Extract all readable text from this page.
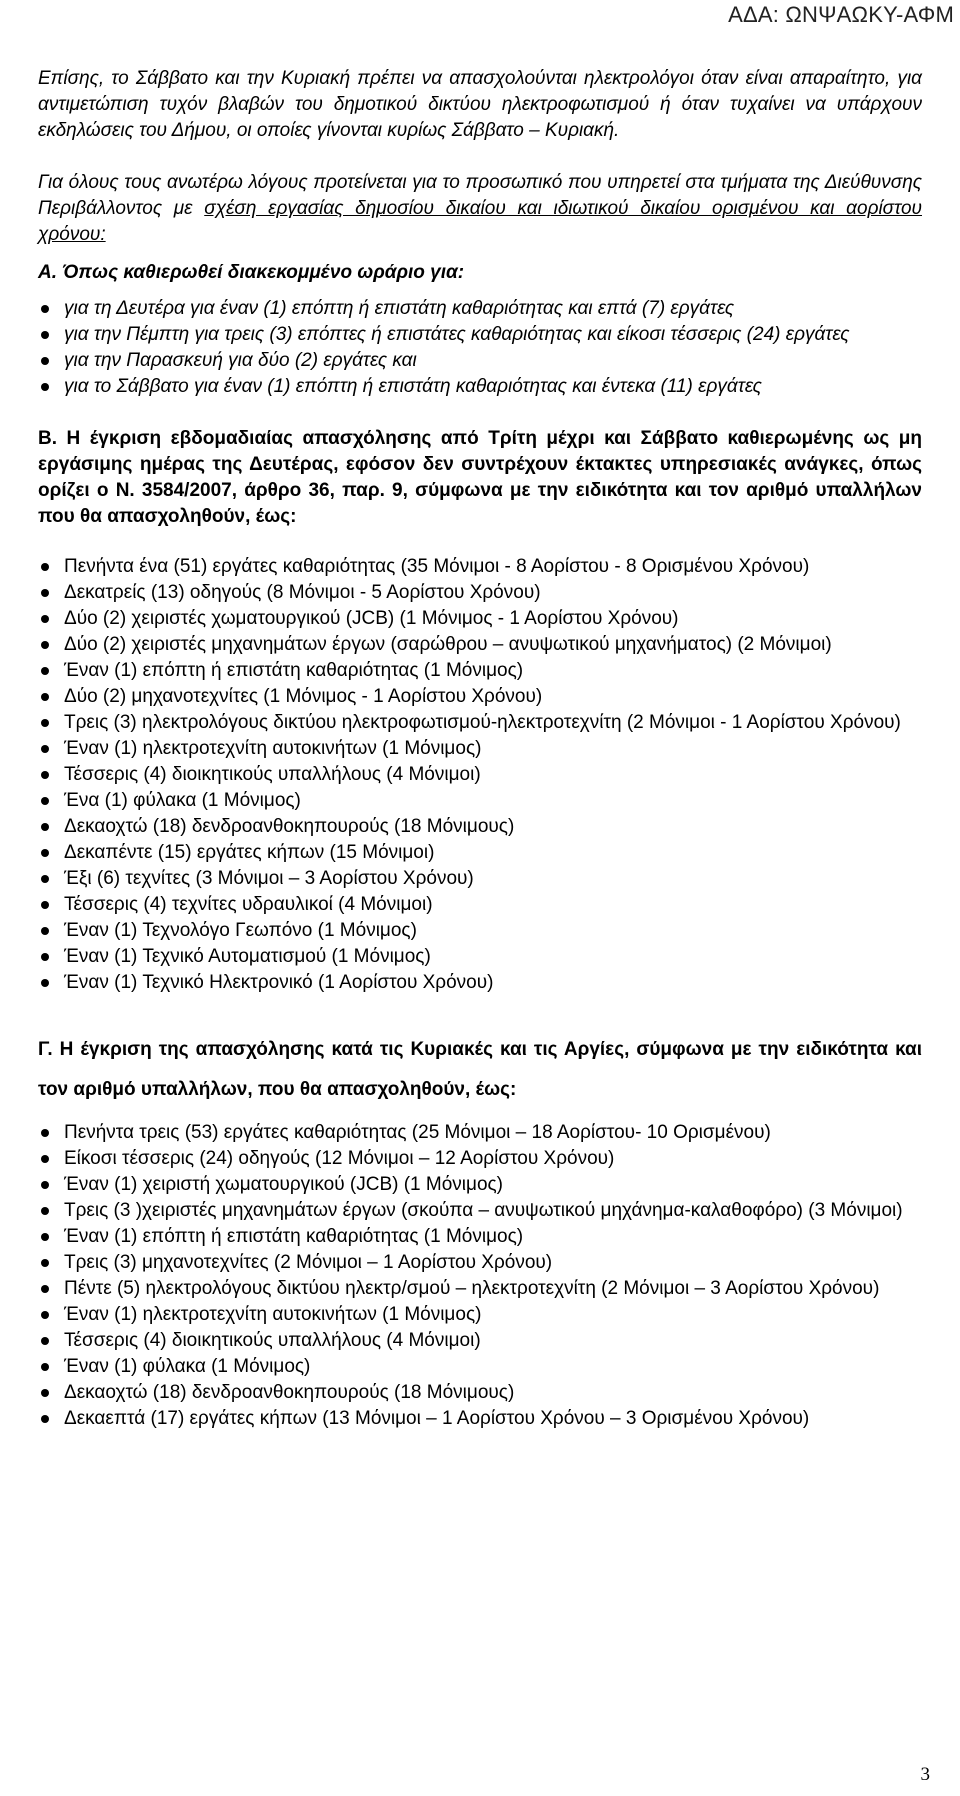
ΑΔΑ: ΩΝΨΑΩΚΥ-ΑΦΜ

Επίσης, το Σάββατο και την Κυριακή πρέπει να απασχολούνται ηλεκτρολόγοι όταν είναι απαραίτητο, για αντιμετώπιση τυχόν βλαβών του δημοτικού δικτύου ηλεκτροφωτισμού ή όταν τυχαίνει να υπάρχουν εκδηλώσεις του Δήμου, οι οποίες γίνονται κυρίως Σάββατο – Κυριακή.

Για όλους τους ανωτέρω λόγους προτείνεται για το προσωπικό που υπηρετεί στα τμήματα της Διεύθυνσης Περιβάλλοντος με σχέση εργασίας δημοσίου δικαίου και ιδιωτικού δικαίου ορισμένου και αορίστου χρόνου:

Α. Όπως καθιερωθεί διακεκομμένο ωράριο για:

για τη Δευτέρα για έναν (1) επόπτη ή επιστάτη καθαριότητας και επτά (7) εργάτες
για την Πέμπτη για τρεις (3) επόπτες ή επιστάτες καθαριότητας και είκοσι τέσσερις (24) εργάτες
για την Παρασκευή για δύο (2) εργάτες και
για το Σάββατο για έναν (1) επόπτη ή επιστάτη καθαριότητας και έντεκα (11) εργάτες

Β. Η έγκριση εβδομαδιαίας απασχόλησης από Τρίτη μέχρι και Σάββατο καθιερωμένης ως μη εργάσιμης ημέρας της Δευτέρας, εφόσον δεν συντρέχουν έκτακτες υπηρεσιακές ανάγκες, όπως ορίζει ο Ν. 3584/2007, άρθρο 36, παρ. 9, σύμφωνα με την ειδικότητα και τον αριθμό υπαλλήλων που θα απασχοληθούν, έως:

Πενήντα ένα (51) εργάτες καθαριότητας (35 Μόνιμοι - 8 Αορίστου - 8 Ορισμένου Χρόνου)
Δεκατρείς (13) οδηγούς (8 Μόνιμοι - 5 Αορίστου Χρόνου)
Δύο (2) χειριστές χωματουργικού (JCB) (1 Μόνιμος - 1 Αορίστου Χρόνου)
Δύο (2) χειριστές μηχανημάτων έργων (σαρώθρου – ανυψωτικού μηχανήματος) (2 Μόνιμοι)
Έναν (1) επόπτη ή επιστάτη καθαριότητας (1 Μόνιμος)
Δύο (2) μηχανοτεχνίτες (1 Μόνιμος - 1 Αορίστου Χρόνου)
Τρεις (3) ηλεκτρολόγους δικτύου ηλεκτροφωτισμού-ηλεκτροτεχνίτη (2 Μόνιμοι - 1 Αορίστου Χρόνου)
Έναν (1) ηλεκτροτεχνίτη αυτοκινήτων (1 Μόνιμος)
Τέσσερις (4) διοικητικούς υπαλλήλους (4 Μόνιμοι)
Ένα (1) φύλακα (1 Μόνιμος)
Δεκαοχτώ (18) δενδροανθοκηπουρούς (18 Μόνιμους)
Δεκαπέντε (15) εργάτες κήπων (15 Μόνιμοι)
Έξι (6) τεχνίτες (3 Μόνιμοι – 3 Αορίστου Χρόνου)
Τέσσερις (4) τεχνίτες υδραυλικοί (4 Μόνιμοι)
Έναν (1) Τεχνολόγο Γεωπόνο (1 Μόνιμος)
Έναν (1) Τεχνικό Αυτοματισμού (1 Μόνιμος)
Έναν (1) Τεχνικό Ηλεκτρονικό (1 Αορίστου Χρόνου)

Γ. Η έγκριση της απασχόλησης κατά τις Κυριακές και τις Αργίες, σύμφωνα με την ειδικότητα και τον αριθμό υπαλλήλων, που θα απασχοληθούν, έως:

Πενήντα τρεις (53) εργάτες καθαριότητας (25 Μόνιμοι – 18 Αορίστου- 10 Ορισμένου)
Είκοσι τέσσερις (24) οδηγούς (12 Μόνιμοι – 12 Αορίστου Χρόνου)
Έναν (1) χειριστή χωματουργικού (JCB) (1 Μόνιμος)
Τρεις (3 )χειριστές μηχανημάτων έργων (σκούπα – ανυψωτικού μηχάνημα-καλαθοφόρο) (3 Μόνιμοι)
Έναν (1) επόπτη ή επιστάτη καθαριότητας (1 Μόνιμος)
Τρεις (3) μηχανοτεχνίτες (2 Μόνιμοι – 1 Αορίστου Χρόνου)
Πέντε (5) ηλεκτρολόγους δικτύου ηλεκτρ/σμού – ηλεκτροτεχνίτη (2 Μόνιμοι – 3 Αορίστου Χρόνου)
Έναν (1) ηλεκτροτεχνίτη αυτοκινήτων (1 Μόνιμος)
Τέσσερις (4) διοικητικούς υπαλλήλους (4 Μόνιμοι)
Έναν (1) φύλακα (1 Μόνιμος)
Δεκαοχτώ (18) δενδροανθοκηπουρούς (18 Μόνιμους)
Δεκαεπτά (17) εργάτες κήπων (13 Μόνιμοι – 1 Αορίστου Χρόνου – 3 Ορισμένου Χρόνου)
3
